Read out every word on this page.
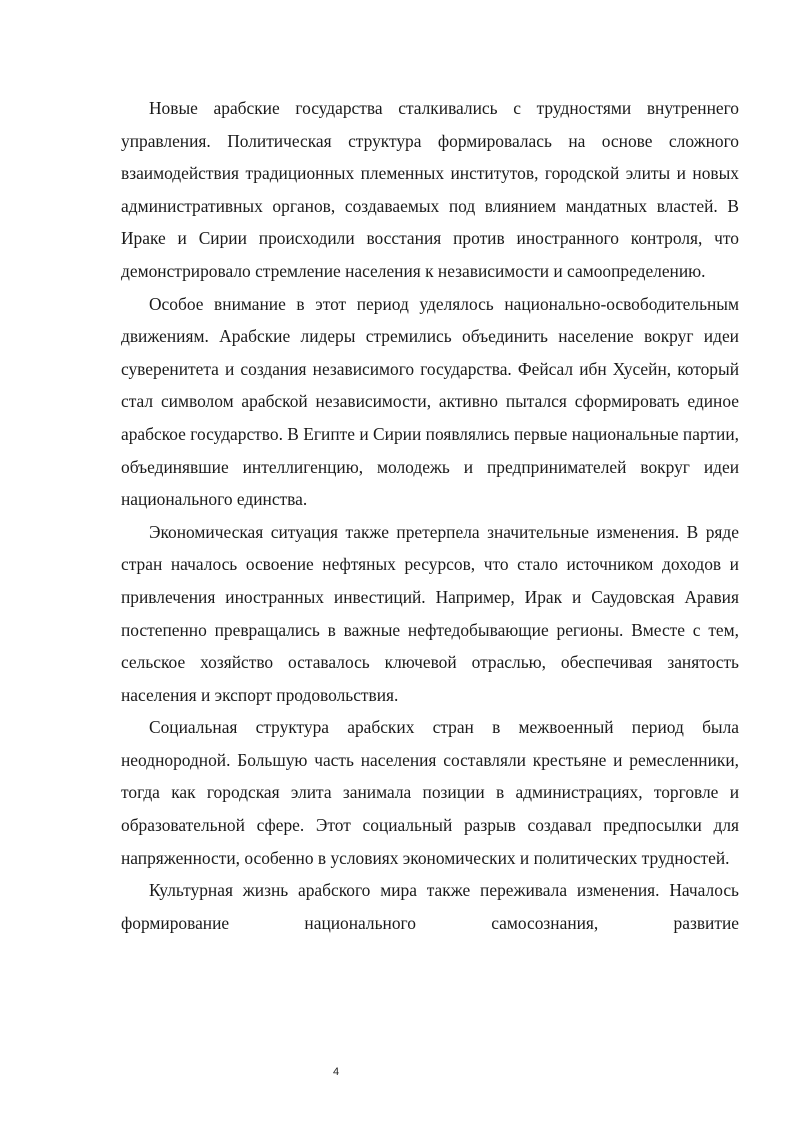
Новые арабские государства сталкивались с трудностями внутреннего управления. Политическая структура формировалась на основе сложного взаимодействия традиционных племенных институтов, городской элиты и новых административных органов, создаваемых под влиянием мандатных властей. В Ираке и Сирии происходили восстания против иностранного контроля, что демонстрировало стремление населения к независимости и самоопределению.

Особое внимание в этот период уделялось национально-освободительным движениям. Арабские лидеры стремились объединить население вокруг идеи суверенитета и создания независимого государства. Фейсал ибн Хусейн, который стал символом арабской независимости, активно пытался сформировать единое арабское государство. В Египте и Сирии появлялись первые национальные партии, объединявшие интеллигенцию, молодежь и предпринимателей вокруг идеи национального единства.

Экономическая ситуация также претерпела значительные изменения. В ряде стран началось освоение нефтяных ресурсов, что стало источником доходов и привлечения иностранных инвестиций. Например, Ирак и Саудовская Аравия постепенно превращались в важные нефтедобывающие регионы. Вместе с тем, сельское хозяйство оставалось ключевой отраслью, обеспечивая занятость населения и экспорт продовольствия.

Социальная структура арабских стран в межвоенный период была неоднородной. Большую часть населения составляли крестьяне и ремесленники, тогда как городская элита занимала позиции в администрациях, торговле и образовательной сфере. Этот социальный разрыв создавал предпосылки для напряженности, особенно в условиях экономических и политических трудностей.

Культурная жизнь арабского мира также переживала изменения. Началось формирование национального самосознания, развитие

4
